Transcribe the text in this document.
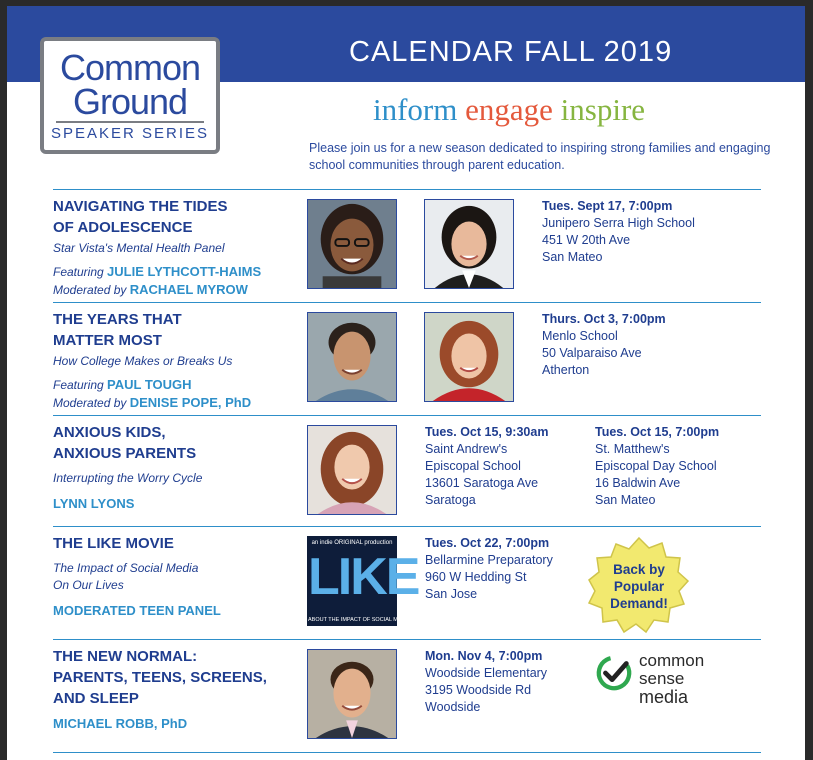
CALENDAR FALL 2019
Common
Ground
SPEAKER SERIES
inform engage inspire
Please join us for a new season dedicated to inspiring strong families and engaging school communities through parent education.
NAVIGATING THE TIDES
OF ADOLESCENCE
Star Vista's Mental Health Panel
Featuring JULIE LYTHCOTT-HAIMS
Moderated by RACHAEL MYROW
Tues. Sept 17, 7:00pm
Junipero Serra High School
451 W 20th Ave
San Mateo
THE YEARS THAT
MATTER MOST
How College Makes or Breaks Us
Featuring PAUL TOUGH
Moderated by DENISE POPE, PhD
Thurs. Oct 3, 7:00pm
Menlo School
50 Valparaiso Ave
Atherton
ANXIOUS KIDS,
ANXIOUS PARENTS
Interrupting the Worry Cycle
LYNN LYONS
Tues. Oct 15, 9:30am
Saint Andrew's
Episcopal School
13601 Saratoga Ave
Saratoga
Tues. Oct 15, 7:00pm
St. Matthew's
Episcopal Day School
16 Baldwin Ave
San Mateo
THE LIKE MOVIE
The Impact of Social Media
On Our Lives
MODERATED TEEN PANEL
an indie ORIGINAL production
LIKE
ABOUT THE IMPACT OF SOCIAL ME
Tues. Oct 22, 7:00pm
Bellarmine Preparatory
960 W Hedding St
San Jose
Back by
Popular
Demand!
THE NEW NORMAL:
PARENTS, TEENS, SCREENS,
AND SLEEP
MICHAEL ROBB, PhD
Mon. Nov 4, 7:00pm
Woodside Elementary
3195 Woodside Rd
Woodside
common
sense
media
